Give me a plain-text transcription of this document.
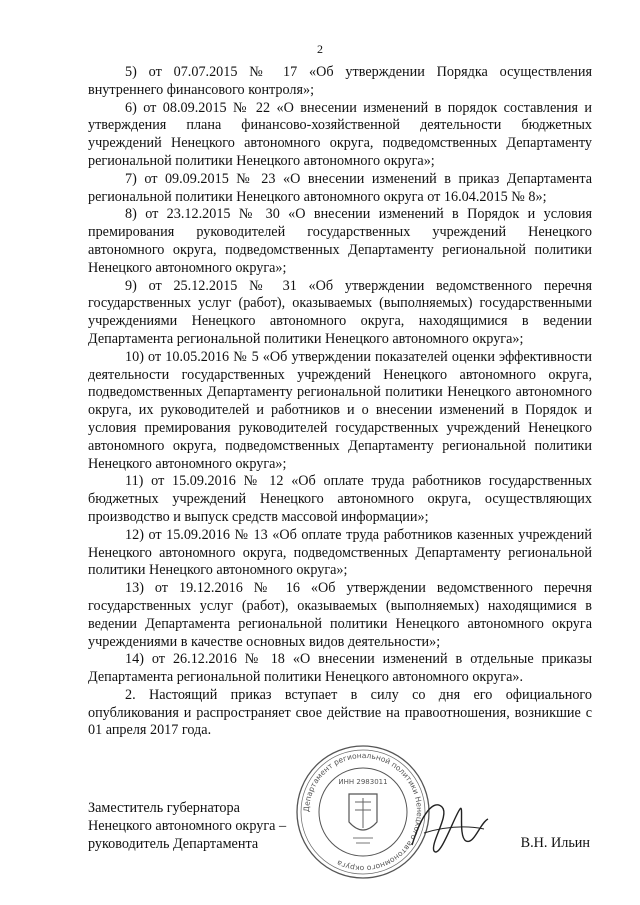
2

5) от 07.07.2015 № 17 «Об утверждении Порядка осуществления внутреннего финансового контроля»;

6) от 08.09.2015 № 22 «О внесении изменений в порядок составления и утверждения плана финансово-хозяйственной деятельности бюджетных учреждений Ненецкого автономного округа, подведомственных Департаменту региональной политики Ненецкого автономного округа»;

7) от 09.09.2015 № 23 «О внесении изменений в приказ Департамента региональной политики Ненецкого автономного округа от 16.04.2015 № 8»;

8) от 23.12.2015 № 30 «О внесении изменений в Порядок и условия премирования руководителей государственных учреждений Ненецкого автономного округа, подведомственных Департаменту региональной политики Ненецкого автономного округа»;

9) от 25.12.2015 № 31 «Об утверждении ведомственного перечня государственных услуг (работ), оказываемых (выполняемых) государственными учреждениями Ненецкого автономного округа, находящимися в ведении Департамента региональной политики Ненецкого автономного округа»;

10) от 10.05.2016 № 5 «Об утверждении показателей оценки эффективности деятельности государственных учреждений Ненецкого автономного округа, подведомственных Департаменту региональной политики Ненецкого автономного округа, их руководителей и работников и о внесении изменений в Порядок и условия премирования руководителей государственных учреждений Ненецкого автономного округа, подведомственных Департаменту региональной политики Ненецкого автономного округа»;

11) от 15.09.2016 № 12 «Об оплате труда работников государственных бюджетных учреждений Ненецкого автономного округа, осуществляющих производство и выпуск средств массовой информации»;

12) от 15.09.2016 № 13 «Об оплате труда работников казенных учреждений Ненецкого автономного округа, подведомственных Департаменту региональной политики Ненецкого автономного округа»;

13) от 19.12.2016 № 16 «Об утверждении ведомственного перечня государственных услуг (работ), оказываемых (выполняемых) находящимися в ведении Департамента региональной политики Ненецкого автономного округа учреждениями в качестве основных видов деятельности»;

14) от 26.12.2016 № 18 «О внесении изменений в отдельные приказы Департамента региональной политики Ненецкого автономного округа».

2. Настоящий приказ вступает в силу со дня его официального опубликования и распространяет свое действие на правоотношения, возникшие с 01 апреля 2017 года.

Заместитель губернатора

Ненецкого автономного округа –

руководитель Департамента

Департамент региональной политики Ненецкого автономного округа
ИНН 2983011
В.Н. Ильин
